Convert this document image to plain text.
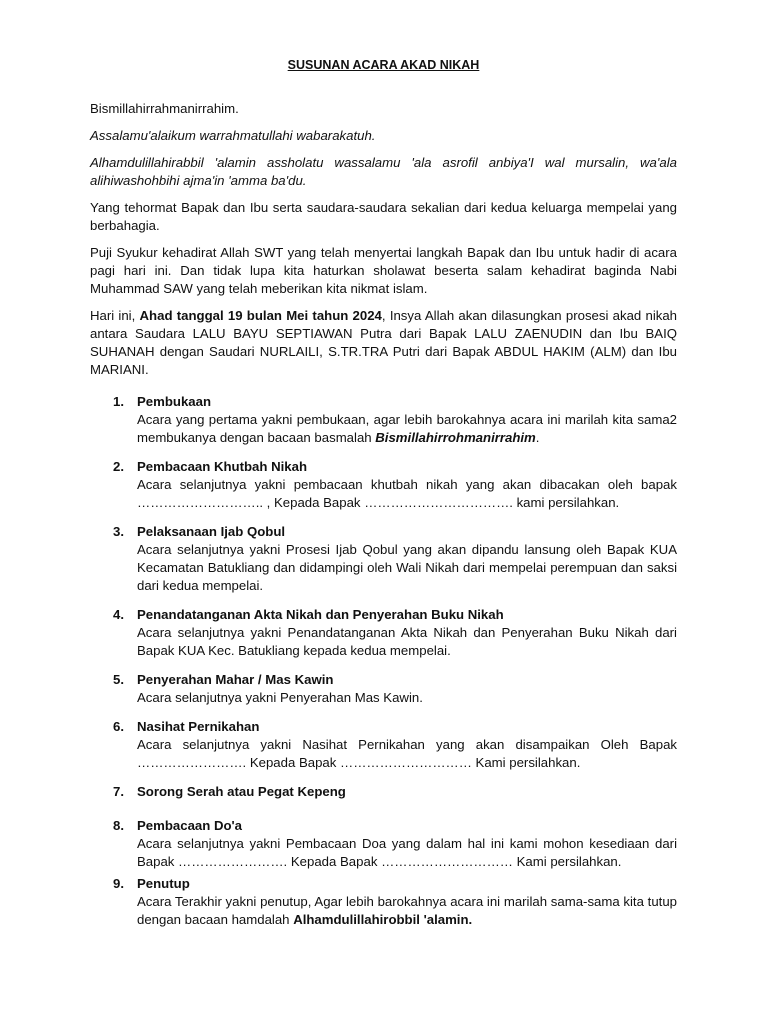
SUSUNAN ACARA AKAD NIKAH

Bismillahirrahmanirrahim.

Assalamu'alaikum warrahmatullahi wabarakatuh.

Alhamdulillahirabbil 'alamin assholatu wassalamu 'ala asrofil anbiya'I wal mursalin, wa'ala alihiwashohbihi ajma'in 'amma ba'du.

Yang tehormat Bapak dan Ibu serta saudara-saudara sekalian dari kedua keluarga mempelai yang berbahagia.

Puji Syukur kehadirat Allah SWT yang telah menyertai langkah Bapak dan Ibu untuk hadir di acara pagi hari ini. Dan tidak lupa kita haturkan sholawat beserta salam kehadirat baginda Nabi Muhammad SAW yang telah meberikan kita nikmat islam.

Hari ini, Ahad tanggal 19 bulan Mei tahun 2024, Insya Allah akan dilasungkan prosesi akad nikah antara Saudara LALU BAYU SEPTIAWAN Putra dari Bapak LALU ZAENUDIN dan Ibu BAIQ SUHANAH dengan Saudari NURLAILI, S.TR.TRA Putri dari Bapak ABDUL HAKIM (ALM) dan Ibu MARIANI.

1. Pembukaan
Acara yang pertama yakni pembukaan, agar lebih barokahnya acara ini marilah kita sama2 membukanya dengan bacaan basmalah Bismillahirrohmanirrahim.
2. Pembacaan Khutbah Nikah
Acara selanjutnya yakni pembacaan khutbah nikah yang akan dibacakan oleh bapak ……………………….. , Kepada Bapak ……………………………. kami persilahkan.
3. Pelaksanaan Ijab Qobul
Acara selanjutnya yakni Prosesi Ijab Qobul yang akan dipandu lansung oleh Bapak KUA Kecamatan Batukliang dan didampingi oleh Wali Nikah dari mempelai perempuan dan saksi dari kedua mempelai.
4. Penandatanganan Akta Nikah dan Penyerahan Buku Nikah
Acara selanjutnya yakni Penandatanganan Akta Nikah dan Penyerahan Buku Nikah dari Bapak KUA Kec. Batukliang kepada kedua mempelai.
5. Penyerahan Mahar / Mas Kawin
Acara selanjutnya yakni Penyerahan Mas Kawin.
6. Nasihat Pernikahan
Acara selanjutnya yakni Nasihat Pernikahan yang akan disampaikan Oleh Bapak ……………………. Kepada Bapak ………………………… Kami persilahkan.
7. Sorong Serah atau Pegat Kepeng
8. Pembacaan Do'a
Acara selanjutnya yakni Pembacaan Doa yang dalam hal ini kami mohon kesediaan dari Bapak ……………………. Kepada Bapak ………………………… Kami persilahkan.
9. Penutup
Acara Terakhir yakni penutup, Agar lebih barokahnya acara ini marilah sama-sama kita tutup dengan bacaan hamdalah Alhamdulillahirobbil 'alamin.
